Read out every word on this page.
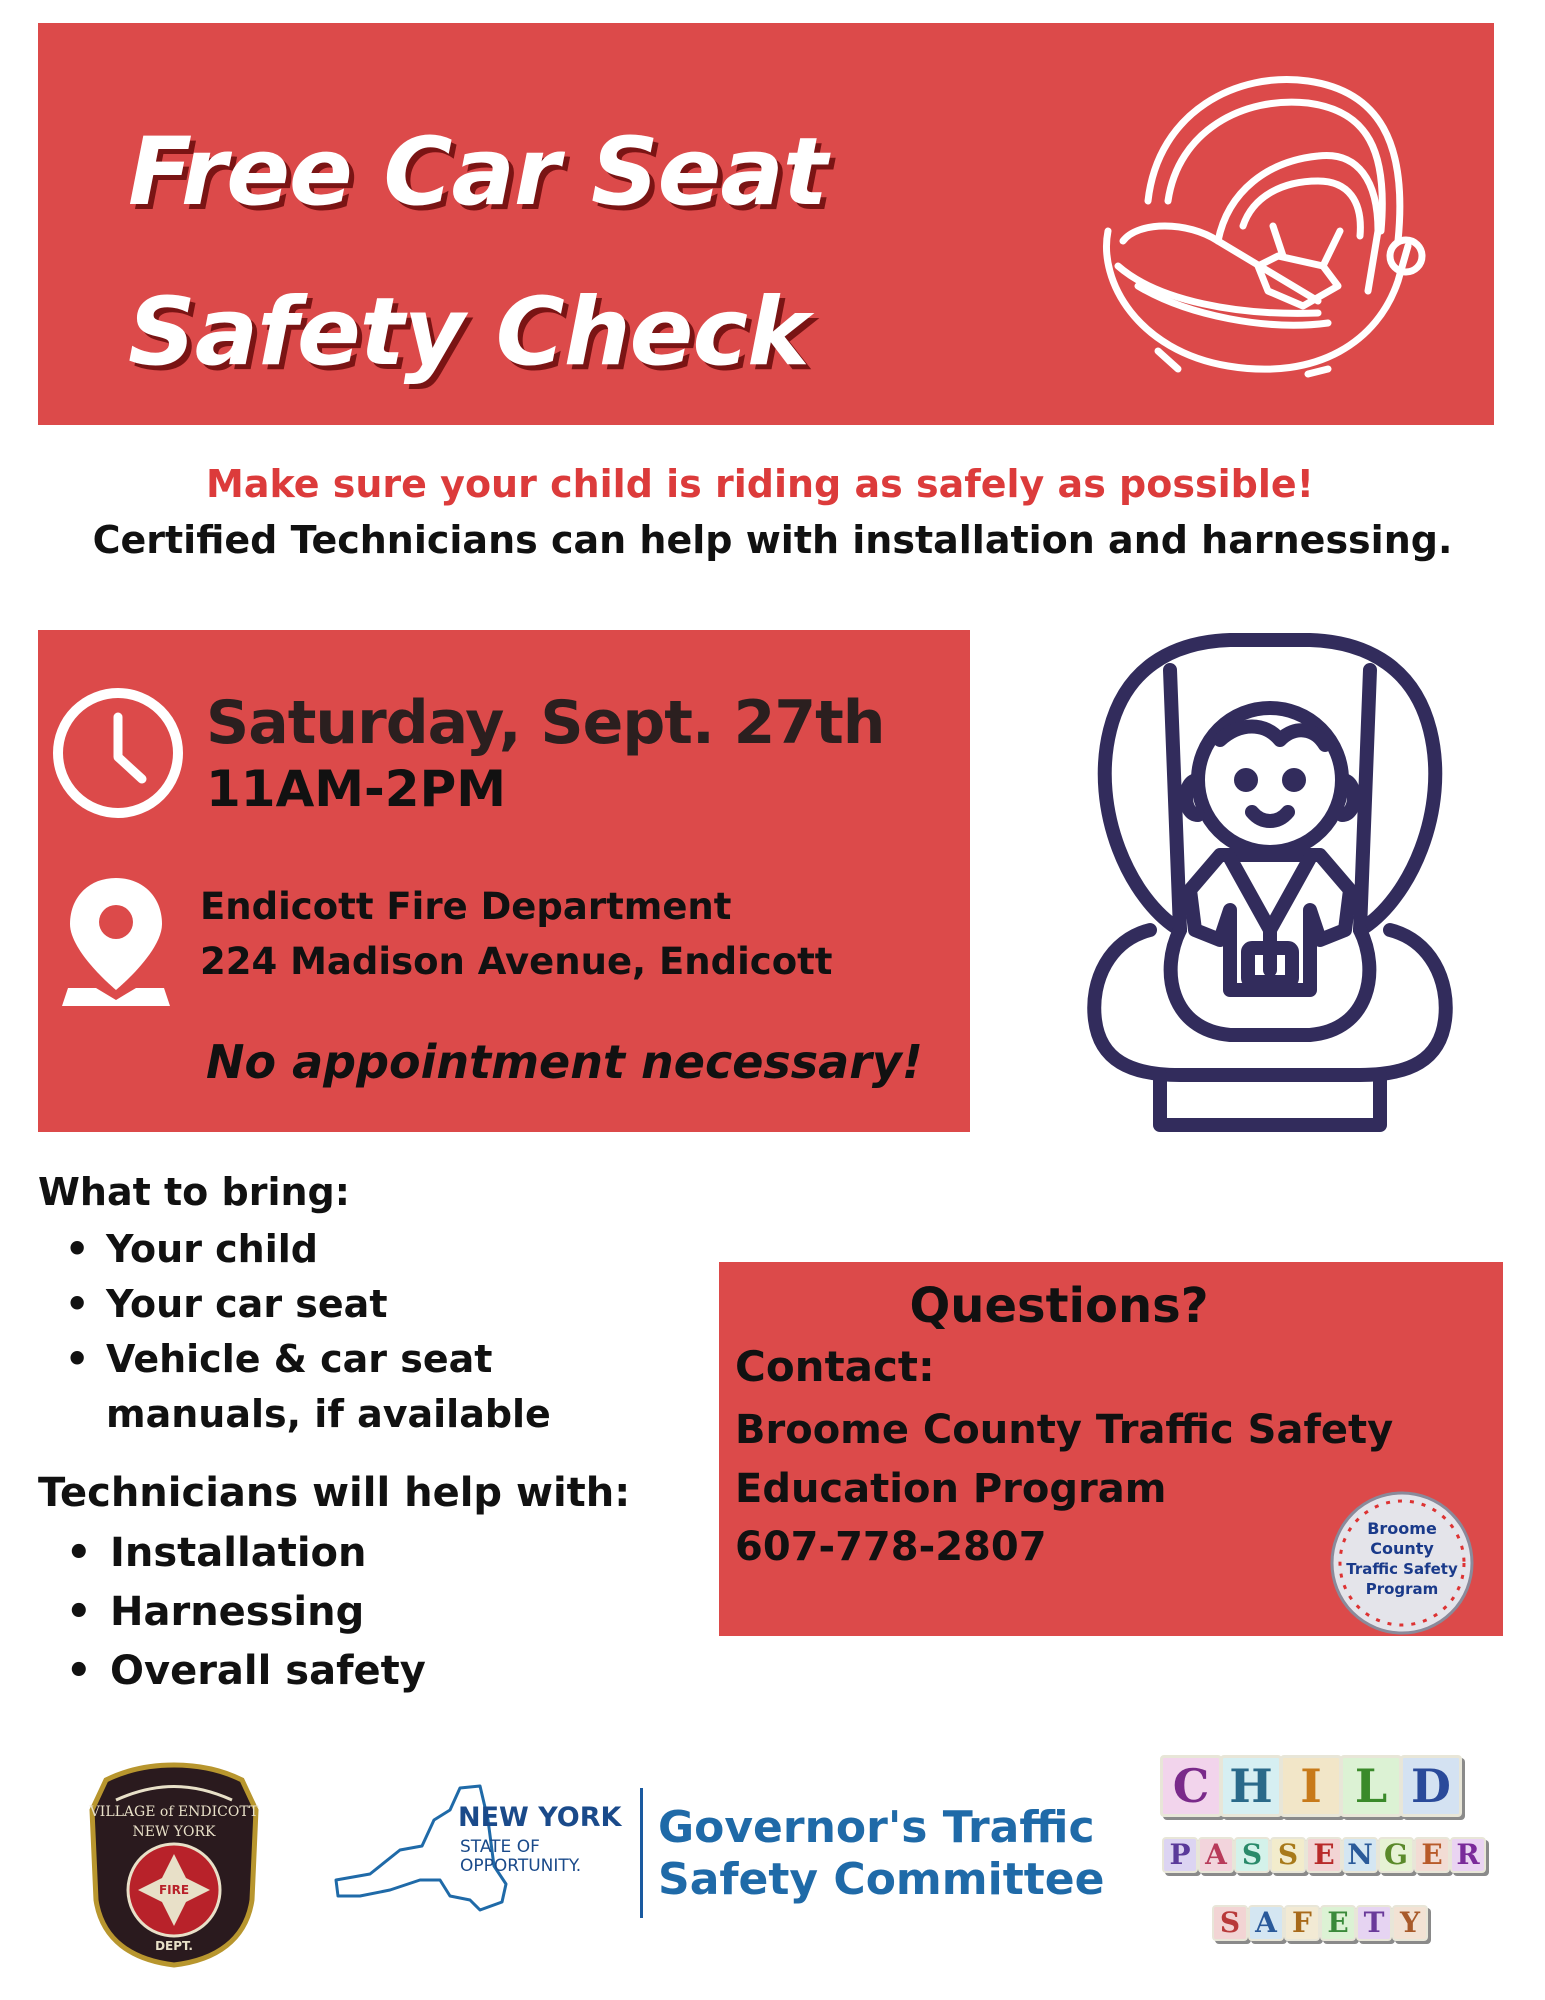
Free Car Seat
Safety Check
Make sure your child is riding as safely as possible!
Certified Technicians can help with installation and harnessing.
Saturday, Sept. 27th
11AM-2PM
Endicott Fire Department
224 Madison Avenue, Endicott
No appointment necessary!
What to bring:
• Your child
• Your car seat
• Vehicle & car seat manuals, if available
Technicians will help with:
• Installation
• Harnessing
• Overall safety
Questions?
Contact:
Broome County Traffic Safety
Education Program
607-778-2807	Broome
County
Traffic Safety
Program
VILLAGE of ENDICOTT
NEW YORK
FIRE
DEPT.
NEW YORK
STATE OF OPPORTUNITY.
Governor's Traffic
Safety Committee
C H I L D
P A S S E N G E R
S A F E T Y
